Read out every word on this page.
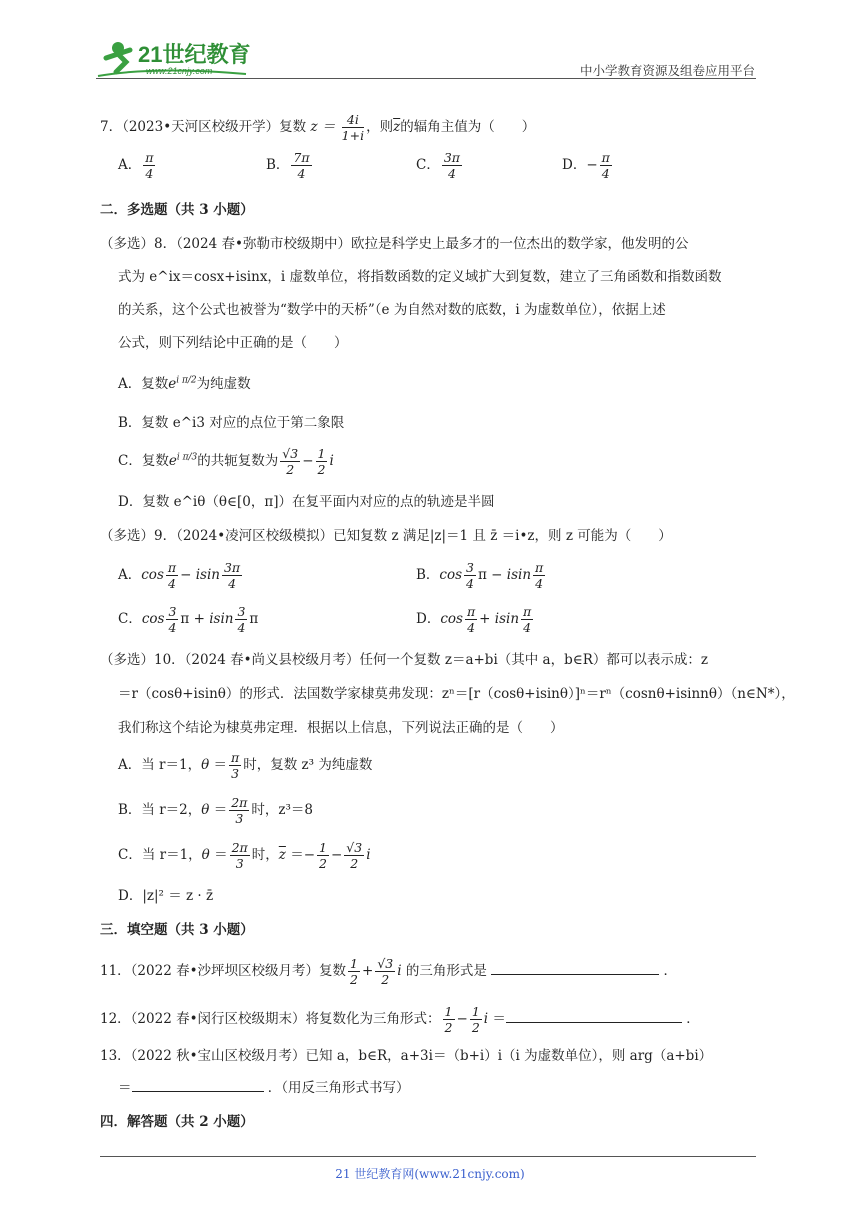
21世纪教育
www.21cnjy.com	中小学教育资源及组卷应用平台
7．（2023•天河区校级开学）复数 $z = \frac{4i}{1+i}$ ，则$\overline{z}$的辐角主值为（　　）
A． $\frac{\pi}{4}$	B． $\frac{7\pi}{4}$	C． $\frac{3\pi}{4}$	D．− $\frac{\pi}{4}$
二．多选题（共 3 小题）
（多选）8．（2024 春•弥勒市校级期中）欧拉是科学史上最多才的一位杰出的数学家，他发明的公
式为 e^ix＝cosx+isinx，i 虚数单位，将指数函数的定义域扩大到复数，建立了三角函数和指数函数
的关系，这个公式也被誉为“数学中的天桥”（e 为自然对数的底数，i 为虚数单位），依据上述
公式，则下列结论中正确的是（　　）
A．复数$e^{i \pi/2}$为纯虚数
B．复数 e^i3 对应的点位于第二象限
C．复数$e^{i \pi/3}$的共轭复数为 $\frac{√3}{2} - \frac{1}{2}$ i
D．复数 e^iθ（θ∈[0，π]）在复平面内对应的点的轨迹是半圆
（多选）9．（2024•凌河区校级模拟）已知复数 z 满足|z|＝1 且 z̄ ＝i•z，则 z 可能为（　　）
A．$\cos \frac{\pi}{4} - isin \frac{3\pi}{4}$	B．$\cos \frac{3}{4}$ π − isin $\frac{\pi}{4}$
C．$\cos \frac{3}{4}$ π + isin $\frac{3}{4}$ π	D．$\cos \frac{\pi}{4} + isin \frac{\pi}{4}$
（多选）10．（2024 春•尚义县校级月考）任何一个复数 z＝a+bi（其中 a，b∈R）都可以表示成：z
＝r（cosθ+isinθ）的形式．法国数学家棣莫弗发现：zⁿ＝[r（cosθ+isinθ）]ⁿ＝rⁿ（cosnθ+isinnθ）（n∈N*），
我们称这个结论为棣莫弗定理．根据以上信息，下列说法正确的是（　　）
A．当 r＝1，$\theta = \frac{\pi}{3}$ 时，复数 z³ 为纯虚数
B．当 r＝2，$\theta = \frac{2\pi}{3}$ 时，z³＝8
C．当 r＝1，$\theta = \frac{2\pi}{3}$ 时，$\overline{z} =- \frac{1}{2} - \frac{√3}{2}$ i
D．|z|² ＝ z · z̄
三．填空题（共 3 小题）
11．（2022 春•沙坪坝区校级月考）复数 $\frac{1}{2} + \frac{√3}{2}$ i 的三角形式是	．
12．（2022 春•闵行区校级期末）将复数化为三角形式： $\frac{1}{2} - \frac{1}{2}$ i ＝	．
13．（2022 秋•宝山区校级月考）已知 a，b∈R，a+3i＝（b+i）i（i 为虚数单位），则 arg（a+bi）
＝	．（用反三角形式书写）
四．解答题（共 2 小题）
21 世纪教育网(www.21cnjy.com)
